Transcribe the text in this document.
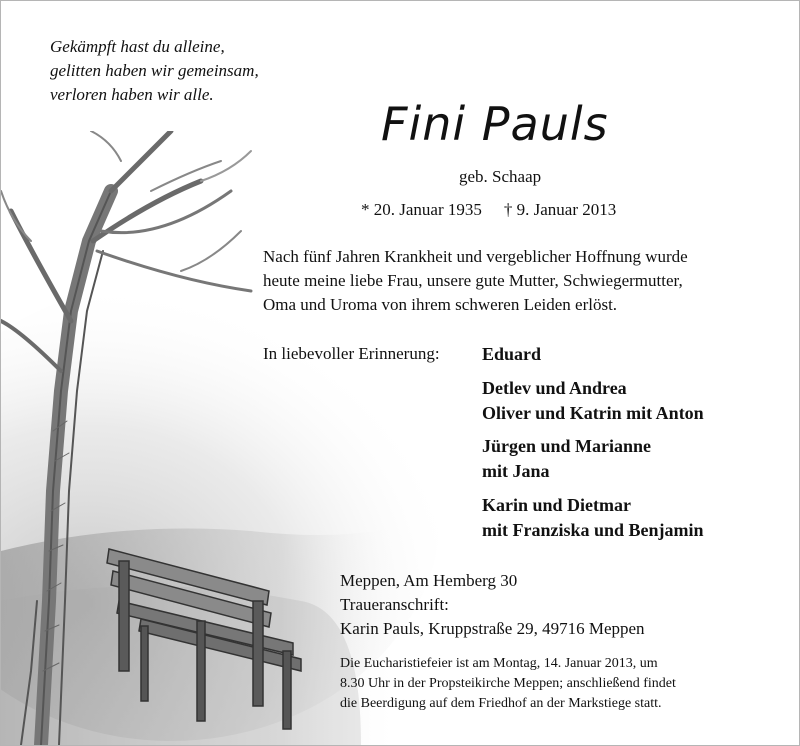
Gekämpft hast du alleine,
gelitten haben wir gemeinsam,
verloren haben wir alle.
Fini Pauls
geb. Schaap
* 20. Januar 1935 † 9. Januar 2013
Nach fünf Jahren Krankheit und vergeblicher Hoffnung wurde
heute meine liebe Frau, unsere gute Mutter, Schwiegermutter,
Oma und Uroma von ihrem schweren Leiden erlöst.
In liebevoller Erinnerung: Eduard
Detlev und Andrea
Oliver und Katrin mit Anton
Jürgen und Marianne
mit Jana
Karin und Dietmar
mit Franziska und Benjamin
Meppen, Am Hemberg 30
Traueranschrift:
Karin Pauls, Kruppstraße 29, 49716 Meppen
Die Eucharistiefeier ist am Montag, 14. Januar 2013, um
8.30 Uhr in der Propsteikirche Meppen; anschließend findet
die Beerdigung auf dem Friedhof an der Markstiege statt.
